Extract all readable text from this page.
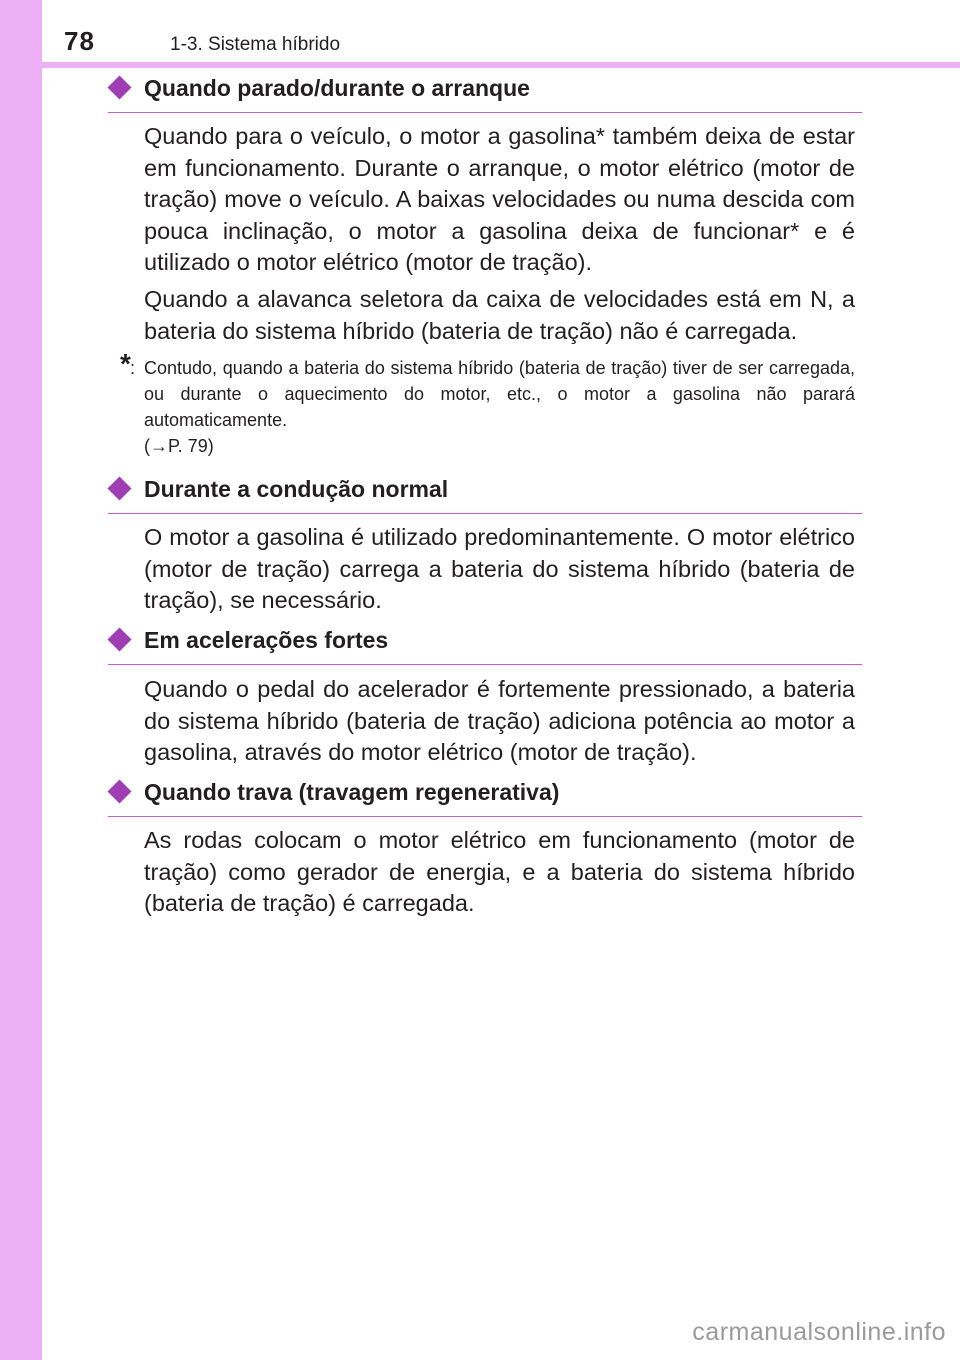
78	1-3. Sistema híbrido
Quando parado/durante o arranque

Quando para o veículo, o motor a gasolina* também deixa de estar em funcionamento. Durante o arranque, o motor elétrico (motor de tração) move o veículo. A baixas velocidades ou numa descida com pouca inclinação, o motor a gasolina deixa de funcionar* e é utilizado o motor elétrico (motor de tração).

Quando a alavanca seletora da caixa de velocidades está em N, a bateria do sistema híbrido (bateria de tração) não é carregada.

* : Contudo, quando a bateria do sistema híbrido (bateria de tração) tiver de ser carregada, ou durante o aquecimento do motor, etc., o motor a gasolina não parará automaticamente.
(→P. 79)
Durante a condução normal

O motor a gasolina é utilizado predominantemente. O motor elétrico (motor de tração) carrega a bateria do sistema híbrido (bateria de tração), se necessário.

Em acelerações fortes

Quando o pedal do acelerador é fortemente pressionado, a bateria do sistema híbrido (bateria de tração) adiciona potência ao motor a gasolina, através do motor elétrico (motor de tração).

Quando trava (travagem regenerativa)

As rodas colocam o motor elétrico em funcionamento (motor de tração) como gerador de energia, e a bateria do sistema híbrido (bateria de tração) é carregada.

carmanualsonline.info
